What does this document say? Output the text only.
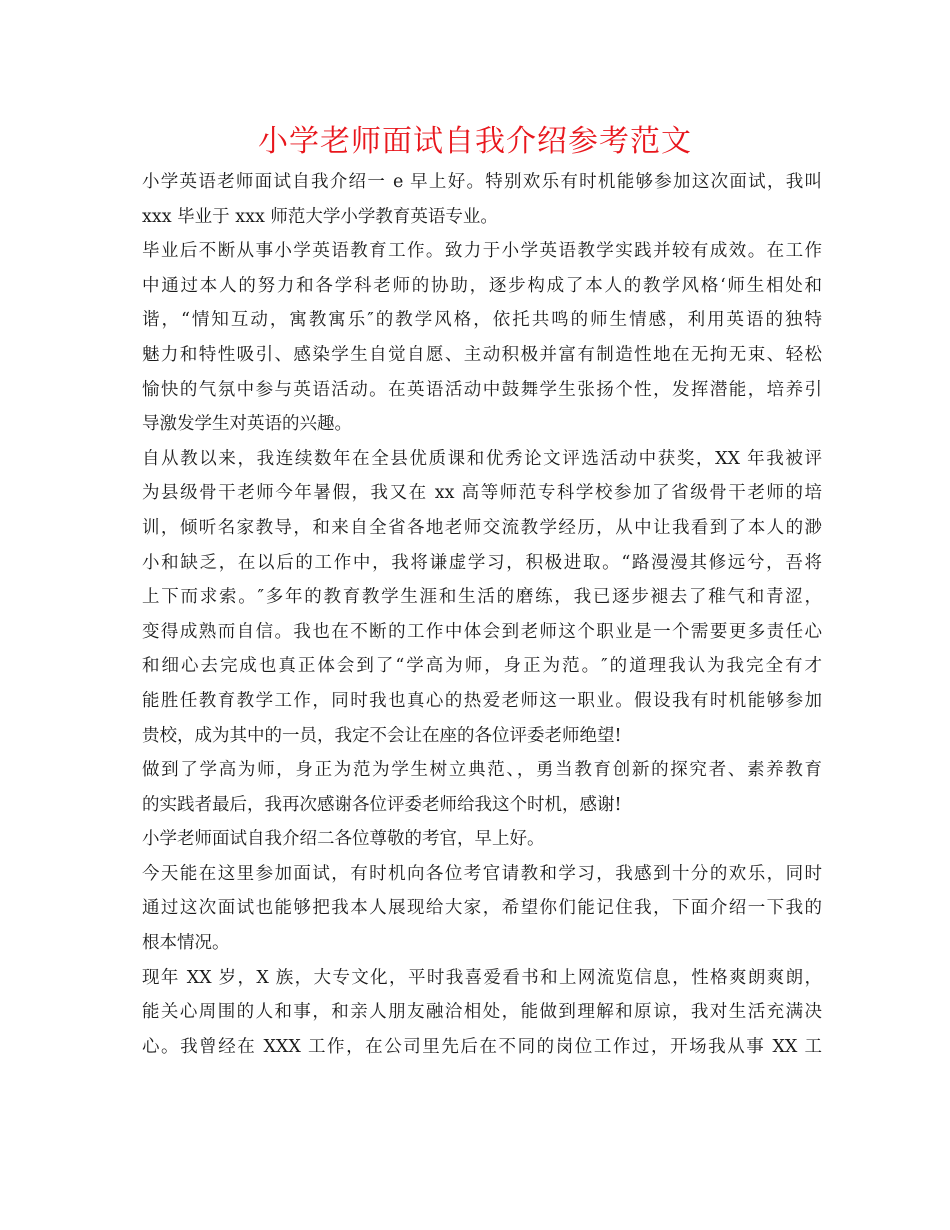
小学老师面试自我介绍参考范文
小学英语老师面试自我介绍一 e 早上好。特别欢乐有时机能够参加这次面试，我叫
xxx 毕业于 xxx 师范大学小学教育英语专业。
毕业后不断从事小学英语教育工作。致力于小学英语教学实践并较有成效。在工作
中通过本人的努力和各学科老师的协助，逐步构成了本人的教学风格‘师生相处和
谐，“情知互动，寓教寓乐″的教学风格，依托共鸣的师生情感，利用英语的独特
魅力和特性吸引、感染学生自觉自愿、主动积极并富有制造性地在无拘无束、轻松
愉快的气氛中参与英语活动。在英语活动中鼓舞学生张扬个性，发挥潜能，培养引
导激发学生对英语的兴趣。
自从教以来，我连续数年在全县优质课和优秀论文评选活动中获奖，XX 年我被评
为县级骨干老师今年暑假，我又在 xx 高等师范专科学校参加了省级骨干老师的培
训，倾听名家教导，和来自全省各地老师交流教学经历，从中让我看到了本人的渺
小和缺乏，在以后的工作中，我将谦虚学习，积极进取。“路漫漫其修远兮，吾将
上下而求索。″多年的教育教学生涯和生活的磨练，我已逐步褪去了稚气和青涩，
变得成熟而自信。我也在不断的工作中体会到老师这个职业是一个需要更多责任心
和细心去完成也真正体会到了“学高为师，身正为范。″的道理我认为我完全有才
能胜任教育教学工作，同时我也真心的热爱老师这一职业。假设我有时机能够参加
贵校，成为其中的一员，我定不会让在座的各位评委老师绝望!
做到了学高为师，身正为范为学生树立典范、，勇当教育创新的探究者、素养教育
的实践者最后，我再次感谢各位评委老师给我这个时机，感谢!
小学老师面试自我介绍二各位尊敬的考官，早上好。
今天能在这里参加面试，有时机向各位考官请教和学习，我感到十分的欢乐，同时
通过这次面试也能够把我本人展现给大家，希望你们能记住我，下面介绍一下我的
根本情况。
现年 XX 岁，X 族，大专文化，平时我喜爱看书和上网流览信息，性格爽朗爽朗，
能关心周围的人和事，和亲人朋友融洽相处，能做到理解和原谅，我对生活充满决
心。我曾经在 XXX 工作，在公司里先后在不同的岗位工作过，开场我从事 XX 工
